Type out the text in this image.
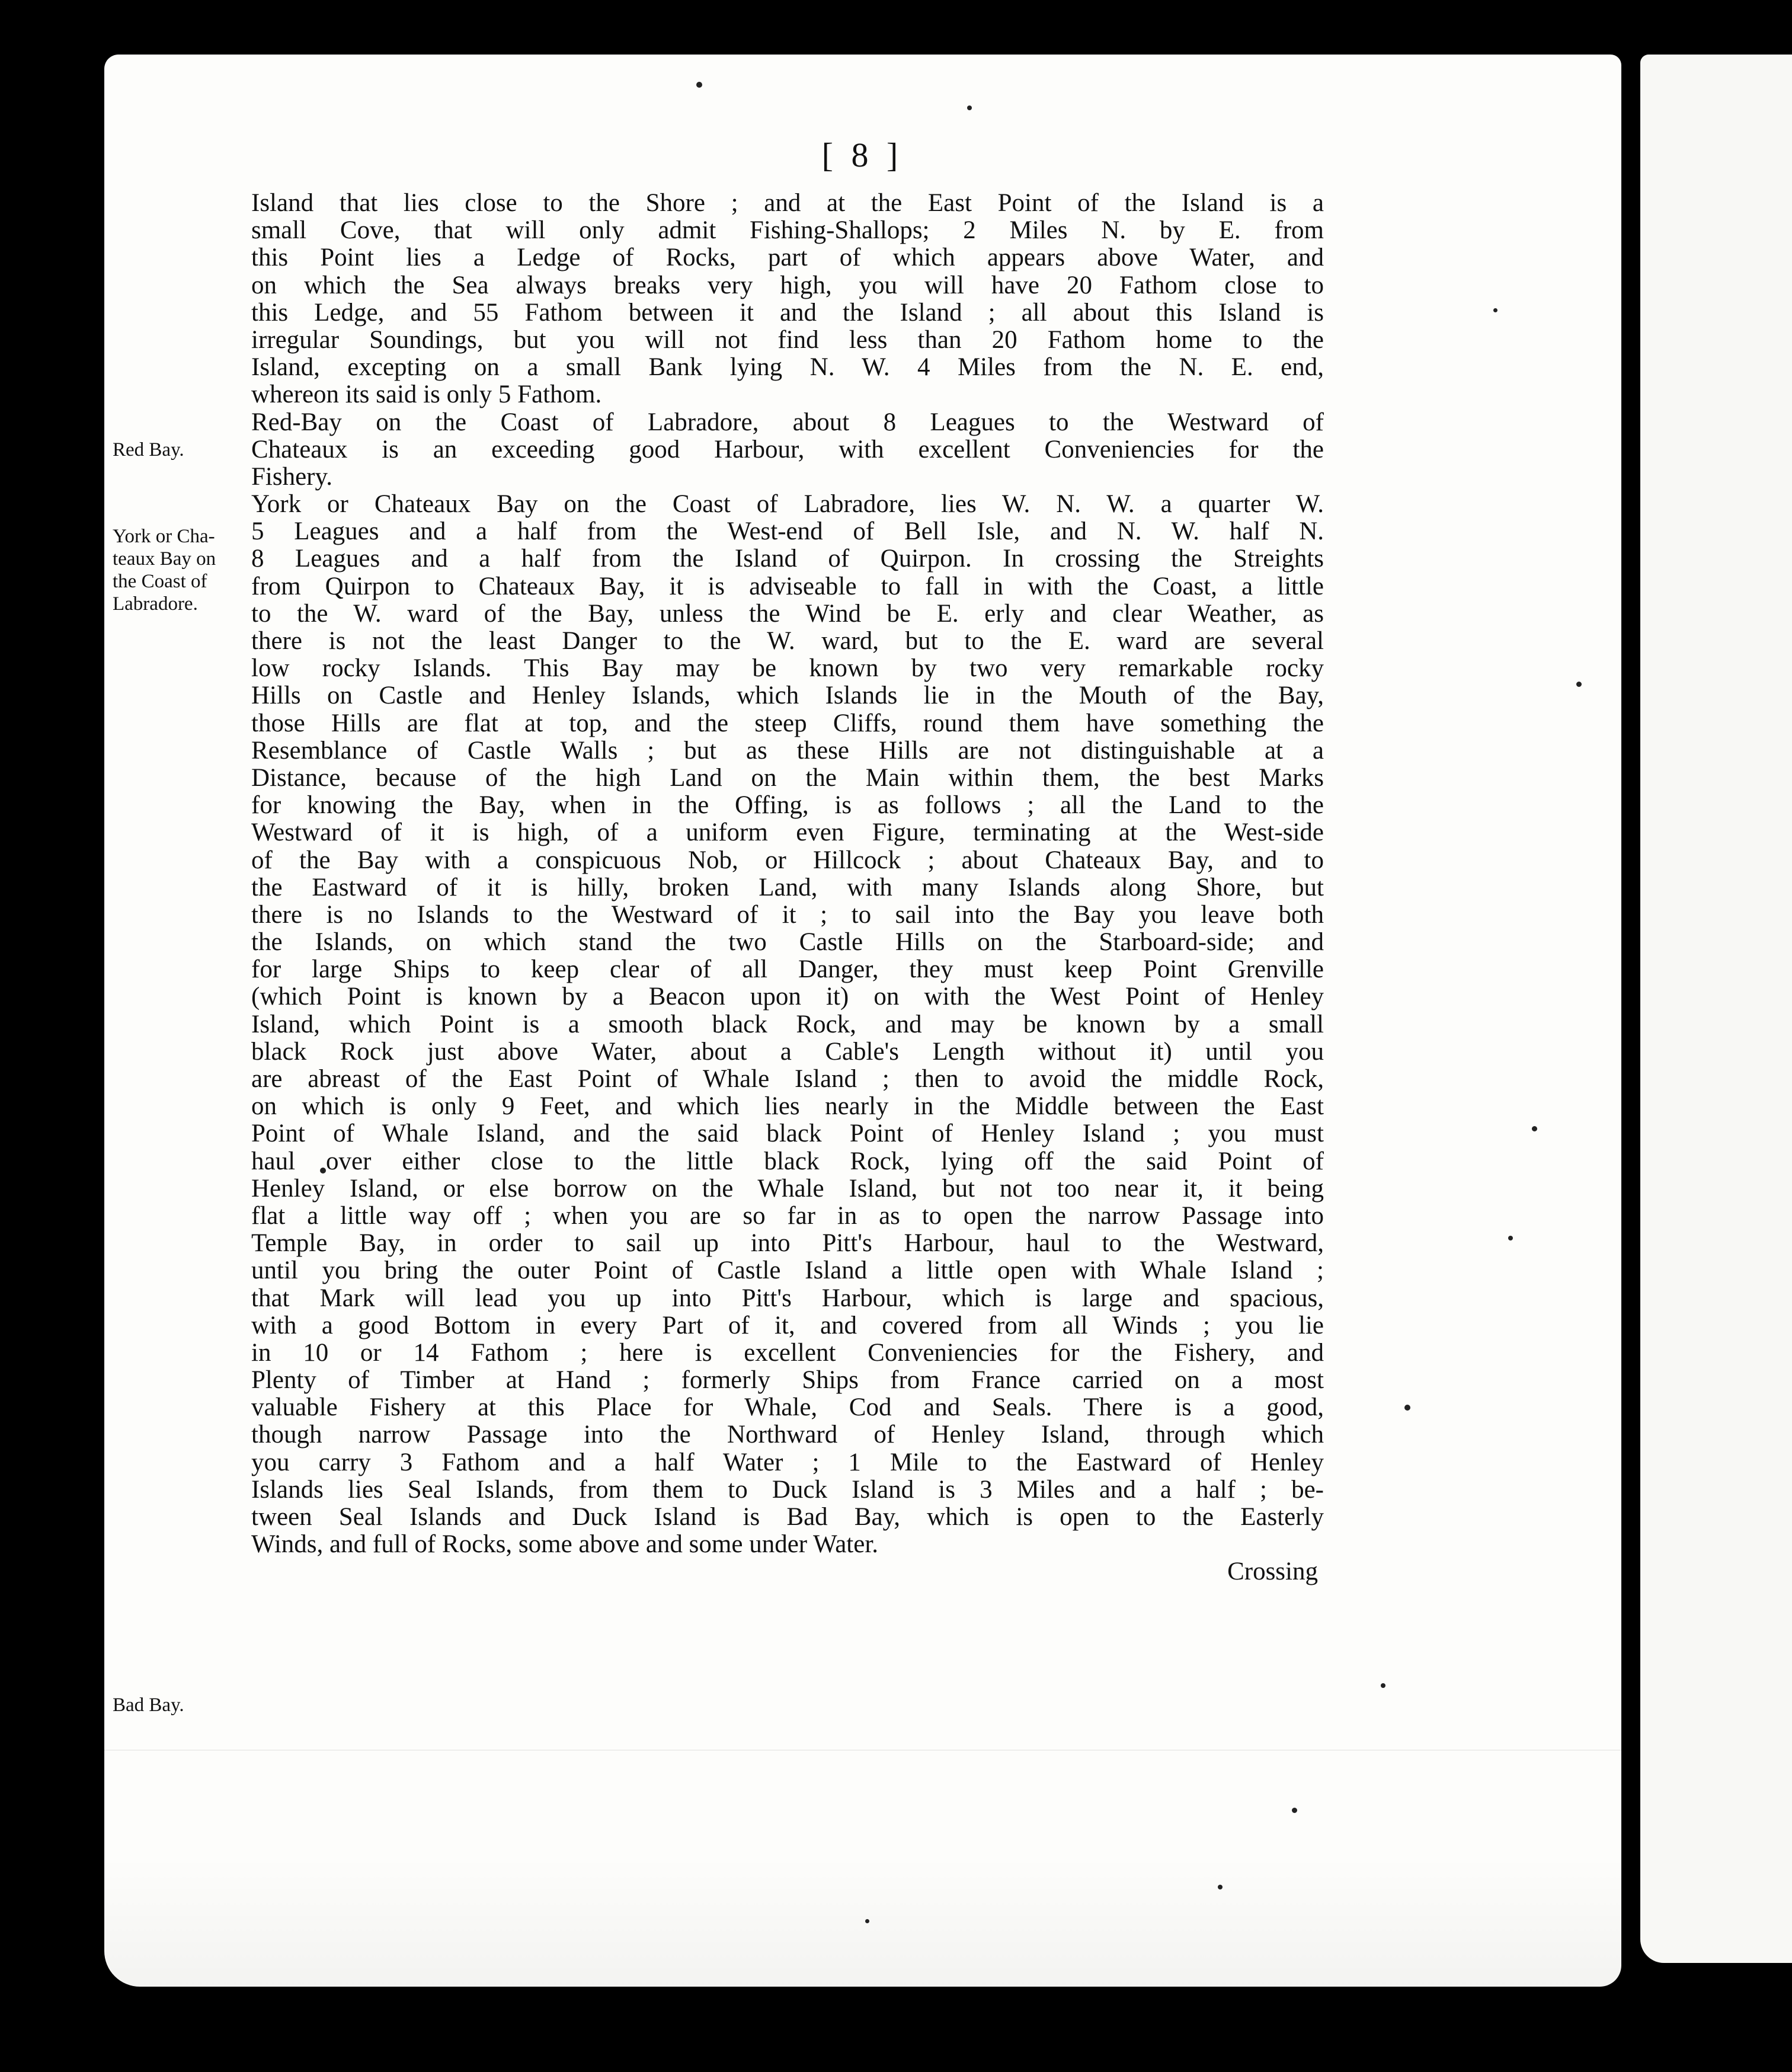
[ 8 ]
Red Bay.
York or Cha-
teaux Bay on
the Coast of
Labradore.
Bad Bay.
Island that lies close to the Shore ; and at the East Point of the Island is a
small Cove, that will only admit Fishing-Shallops; 2 Miles N. by E. from
this Point lies a Ledge of Rocks, part of which appears above Water, and
on which the Sea always breaks very high, you will have 20 Fathom close to
this Ledge, and 55 Fathom between it and the Island ; all about this Island is
irregular Soundings, but you will not find less than 20 Fathom home to the
Island, excepting on a small Bank lying N. W. 4 Miles from the N. E. end,
whereon its said is only 5 Fathom.
Red-Bay on the Coast of Labradore, about 8 Leagues to the Westward of
Chateaux is an exceeding good Harbour, with excellent Conveniencies for the
Fishery.
York or Chateaux Bay on the Coast of Labradore, lies W. N. W. a quarter W.
5 Leagues and a half from the West-end of Bell Isle, and N. W. half N.
8 Leagues and a half from the Island of Quirpon. In crossing the Streights
from Quirpon to Chateaux Bay, it is adviseable to fall in with the Coast, a little
to the W. ward of the Bay, unless the Wind be E. erly and clear Weather, as
there is not the least Danger to the W. ward, but to the E. ward are several
low rocky Islands. This Bay may be known by two very remarkable rocky
Hills on Castle and Henley Islands, which Islands lie in the Mouth of the Bay,
those Hills are flat at top, and the steep Cliffs, round them have something the
Resemblance of Castle Walls ; but as these Hills are not distinguishable at a
Distance, because of the high Land on the Main within them, the best Marks
for knowing the Bay, when in the Offing, is as follows ; all the Land to the
Westward of it is high, of a uniform even Figure, terminating at the West-side
of the Bay with a conspicuous Nob, or Hillcock ; about Chateaux Bay, and to
the Eastward of it is hilly, broken Land, with many Islands along Shore, but
there is no Islands to the Westward of it ; to sail into the Bay you leave both
the Islands, on which stand the two Castle Hills on the Starboard-side; and
for large Ships to keep clear of all Danger, they must keep Point Grenville
(which Point is known by a Beacon upon it) on with the West Point of Henley
Island, which Point is a smooth black Rock, and may be known by a small
black Rock just above Water, about a Cable's Length without it) until you
are abreast of the East Point of Whale Island ; then to avoid the middle Rock,
on which is only 9 Feet, and which lies nearly in the Middle between the East
Point of Whale Island, and the said black Point of Henley Island ; you must
haul over either close to the little black Rock, lying off the said Point of
Henley Island, or else borrow on the Whale Island, but not too near it, it being
flat a little way off ; when you are so far in as to open the narrow Passage into
Temple Bay, in order to sail up into Pitt's Harbour, haul to the Westward,
until you bring the outer Point of Castle Island a little open with Whale Island ;
that Mark will lead you up into Pitt's Harbour, which is large and spacious,
with a good Bottom in every Part of it, and covered from all Winds ; you lie
in 10 or 14 Fathom ; here is excellent Conveniencies for the Fishery, and
Plenty of Timber at Hand ; formerly Ships from France carried on a most
valuable Fishery at this Place for Whale, Cod and Seals. There is a good,
though narrow Passage into the Northward of Henley Island, through which
you carry 3 Fathom and a half Water ; 1 Mile to the Eastward of Henley
Islands lies Seal Islands, from them to Duck Island is 3 Miles and a half ; be-
tween Seal Islands and Duck Island is Bad Bay, which is open to the Easterly
Winds, and full of Rocks, some above and some under Water.
Crossing
